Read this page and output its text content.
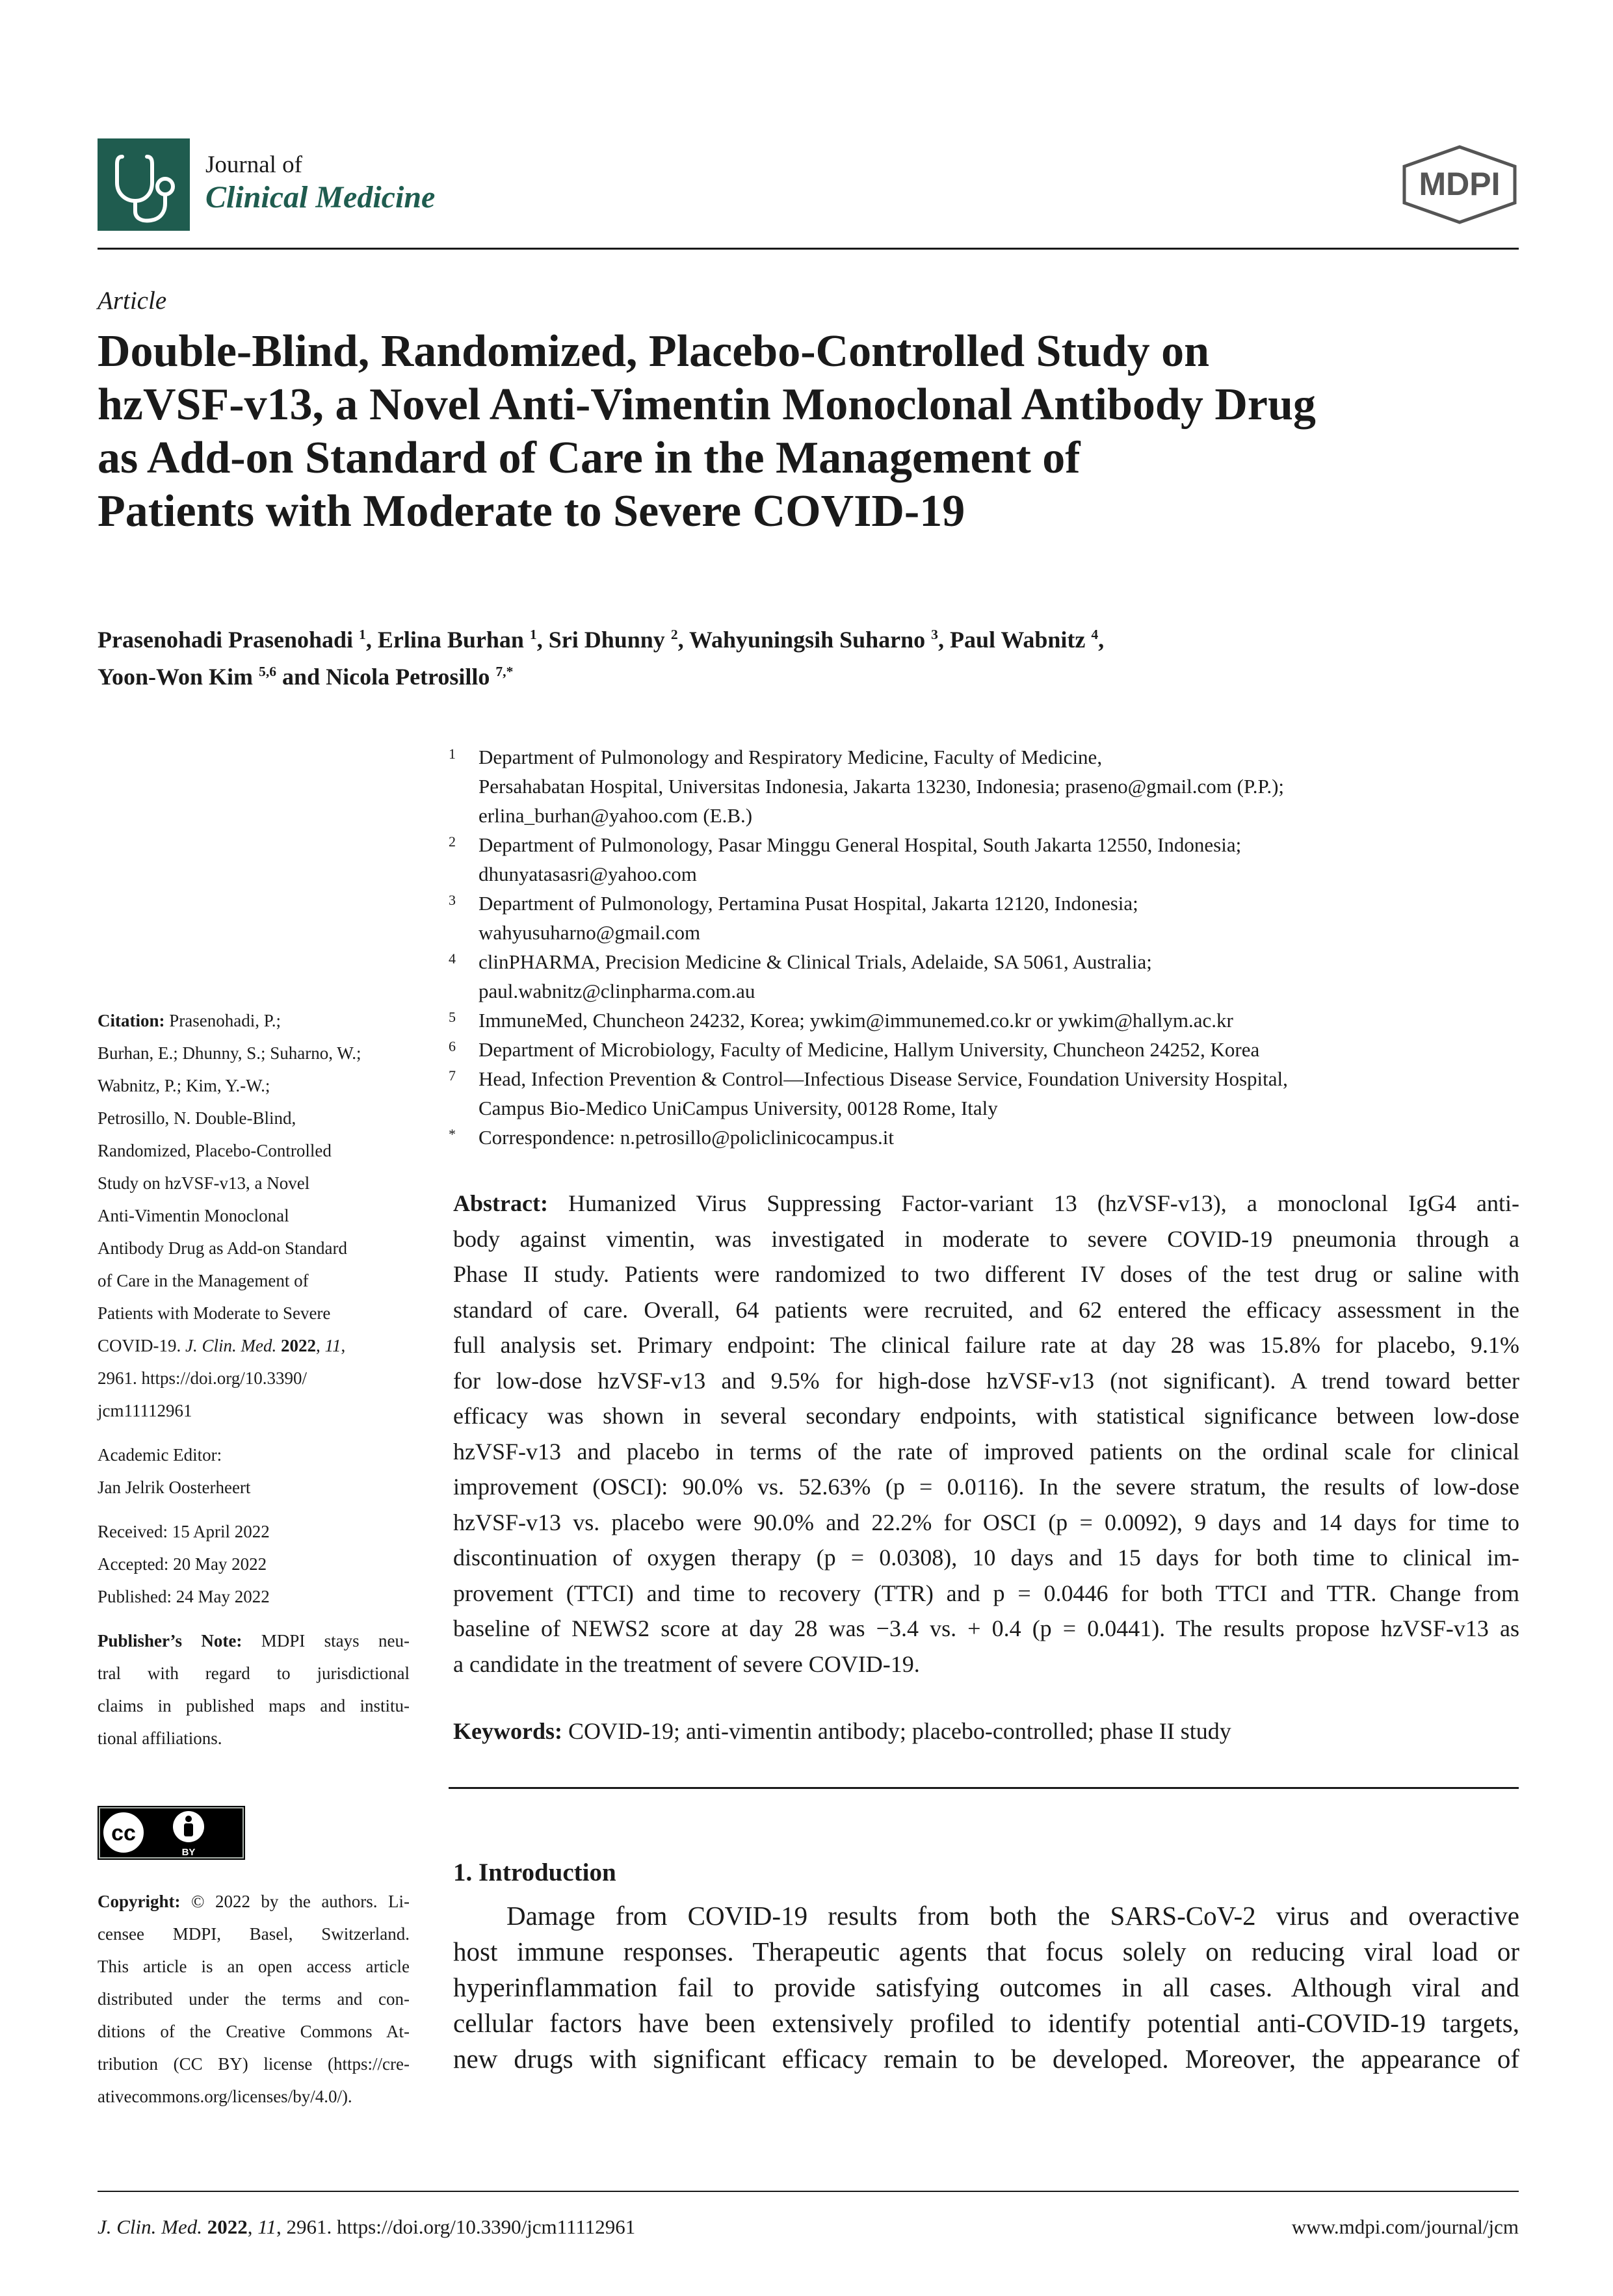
Journal of
Clinical Medicine	MDPI
Article
Double-Blind, Randomized, Placebo-Controlled Study on
hzVSF-v13, a Novel Anti-Vimentin Monoclonal Antibody Drug
as Add-on Standard of Care in the Management of
Patients with Moderate to Severe COVID-19
Prasenohadi Prasenohadi $^1$, Erlina Burhan $^1$, Sri Dhunny $^2$, Wahyuningsih Suharno $^3$, Paul Wabnitz $^4$,
Yoon-Won Kim $^{5,6}$ and Nicola Petrosillo $^{7,*}$
1 Department of Pulmonology and Respiratory Medicine, Faculty of Medicine,
Persahabatan Hospital, Universitas Indonesia, Jakarta 13230, Indonesia; praseno@gmail.com (P.P.);
erlina_burhan@yahoo.com (E.B.)
2 Department of Pulmonology, Pasar Minggu General Hospital, South Jakarta 12550, Indonesia;
dhunyatasasri@yahoo.com
3 Department of Pulmonology, Pertamina Pusat Hospital, Jakarta 12120, Indonesia;
wahyusuharno@gmail.com
4 clinPHARMA, Precision Medicine & Clinical Trials, Adelaide, SA 5061, Australia;
paul.wabnitz@clinpharma.com.au
5 ImmuneMed, Chuncheon 24232, Korea; ywkim@immunemed.co.kr or ywkim@hallym.ac.kr
6 Department of Microbiology, Faculty of Medicine, Hallym University, Chuncheon 24252, Korea
7 Head, Infection Prevention & Control—Infectious Disease Service, Foundation University Hospital,
Campus Bio-Medico UniCampus University, 00128 Rome, Italy
* Correspondence: n.petrosillo@policlinicocampus.it
Citation: Prasenohadi, P.;
Burhan, E.; Dhunny, S.; Suharno, W.;
Wabnitz, P.; Kim, Y.-W.;
Petrosillo, N. Double-Blind,
Randomized, Placebo-Controlled
Study on hzVSF-v13, a Novel
Anti-Vimentin Monoclonal
Antibody Drug as Add-on Standard
of Care in the Management of
Patients with Moderate to Severe
COVID-19. J. Clin. Med. 2022, 11,
2961. https://doi.org/10.3390/
jcm11112961
Academic Editor:
Jan Jelrik Oosterheert
Received: 15 April 2022
Accepted: 20 May 2022
Published: 24 May 2022
Publisher’s Note: MDPI stays neu-
tral with regard to jurisdictional
claims in published maps and institu-
tional affiliations.
cc
BY
Copyright: © 2022 by the authors. Li-
censee MDPI, Basel, Switzerland.
This article is an open access article
distributed under the terms and con-
ditions of the Creative Commons At-
tribution (CC BY) license (https://cre-
ativecommons.org/licenses/by/4.0/).
Abstract: Humanized Virus Suppressing Factor-variant 13 (hzVSF-v13), a monoclonal IgG4 anti-
body against vimentin, was investigated in moderate to severe COVID-19 pneumonia through a
Phase II study. Patients were randomized to two different IV doses of the test drug or saline with
standard of care. Overall, 64 patients were recruited, and 62 entered the efficacy assessment in the
full analysis set. Primary endpoint: The clinical failure rate at day 28 was 15.8% for placebo, 9.1%
for low-dose hzVSF-v13 and 9.5% for high-dose hzVSF-v13 (not significant). A trend toward better
efficacy was shown in several secondary endpoints, with statistical significance between low-dose
hzVSF-v13 and placebo in terms of the rate of improved patients on the ordinal scale for clinical
improvement (OSCI): 90.0% vs. 52.63% (p = 0.0116). In the severe stratum, the results of low-dose
hzVSF-v13 vs. placebo were 90.0% and 22.2% for OSCI (p = 0.0092), 9 days and 14 days for time to
discontinuation of oxygen therapy (p = 0.0308), 10 days and 15 days for both time to clinical im-
provement (TTCI) and time to recovery (TTR) and p = 0.0446 for both TTCI and TTR. Change from
baseline of NEWS2 score at day 28 was −3.4 vs. + 0.4 (p = 0.0441). The results propose hzVSF-v13 as
a candidate in the treatment of severe COVID-19.
Keywords: COVID-19; anti-vimentin antibody; placebo-controlled; phase II study
1. Introduction
Damage from COVID-19 results from both the SARS-CoV-2 virus and overactive
host immune responses. Therapeutic agents that focus solely on reducing viral load or
hyperinflammation fail to provide satisfying outcomes in all cases. Although viral and
cellular factors have been extensively profiled to identify potential anti-COVID-19 targets,
new drugs with significant efficacy remain to be developed. Moreover, the appearance of
J. Clin. Med. 2022, 11, 2961. https://doi.org/10.3390/jcm11112961	www.mdpi.com/journal/jcm
